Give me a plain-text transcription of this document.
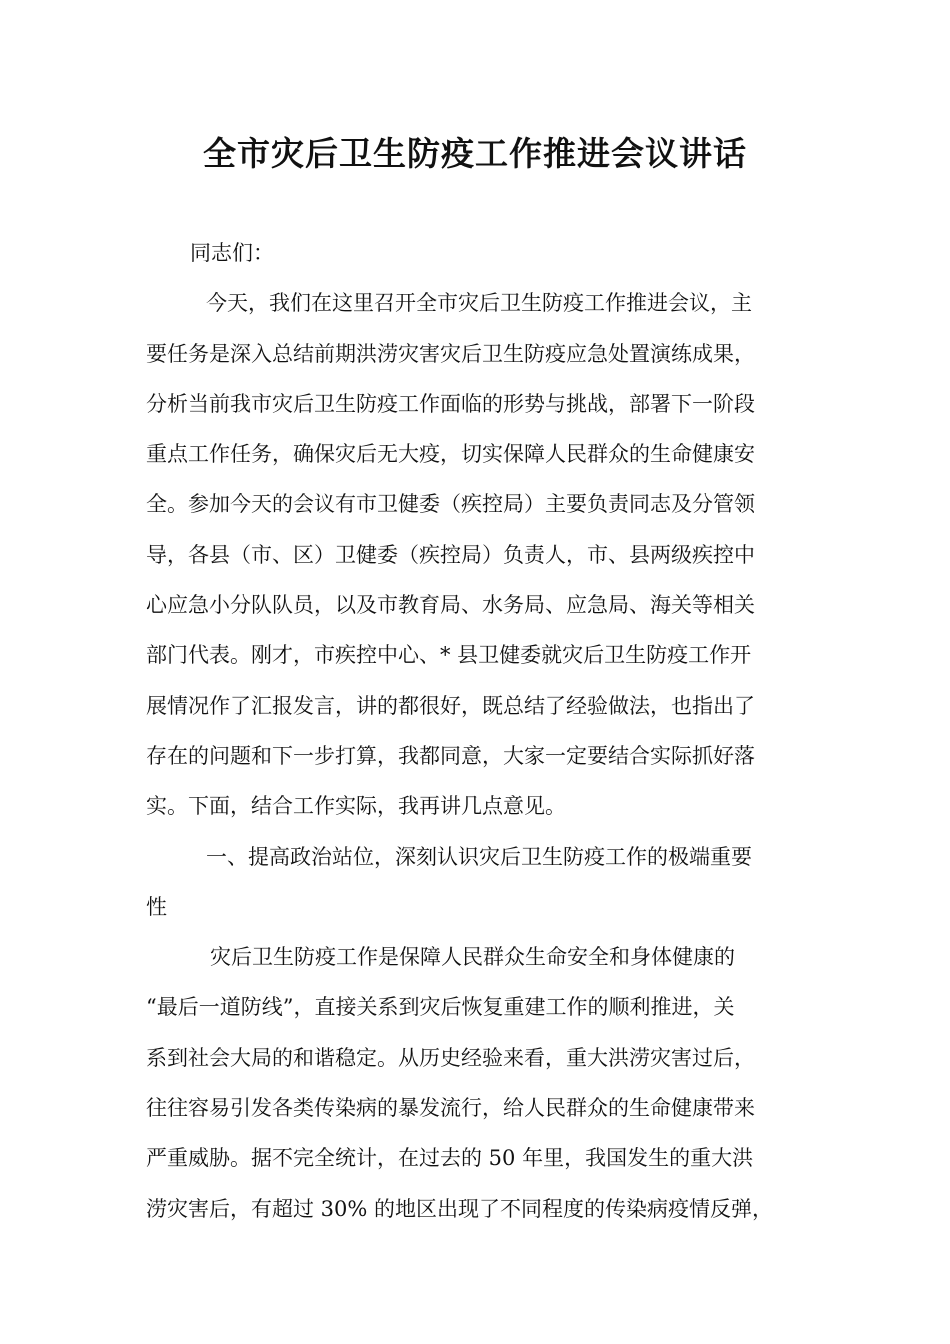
全市灾后卫生防疫工作推进会议讲话

同志们：

今天，我们在这里召开全市灾后卫生防疫工作推进会议，主

要任务是深入总结前期洪涝灾害灾后卫生防疫应急处置演练成果，

分析当前我市灾后卫生防疫工作面临的形势与挑战，部署下一阶段

重点工作任务，确保灾后无大疫，切实保障人民群众的生命健康安

全。参加今天的会议有市卫健委（疾控局）主要负责同志及分管领

导，各县（市、区）卫健委（疾控局）负责人，市、县两级疾控中

心应急小分队队员，以及市教育局、水务局、应急局、海关等相关

部门代表。刚才，市疾控中心、* 县卫健委就灾后卫生防疫工作开

展情况作了汇报发言，讲的都很好，既总结了经验做法，也指出了

存在的问题和下一步打算，我都同意，大家一定要结合实际抓好落

实。下面，结合工作实际，我再讲几点意见。

一、提高政治站位，深刻认识灾后卫生防疫工作的极端重要

性

灾后卫生防疫工作是保障人民群众生命安全和身体健康的

“最后一道防线”，直接关系到灾后恢复重建工作的顺利推进，关

系到社会大局的和谐稳定。从历史经验来看，重大洪涝灾害过后，

往往容易引发各类传染病的暴发流行，给人民群众的生命健康带来

严重威胁。据不完全统计，在过去的 50 年里，我国发生的重大洪

涝灾害后，有超过 30% 的地区出现了不同程度的传染病疫情反弹，
